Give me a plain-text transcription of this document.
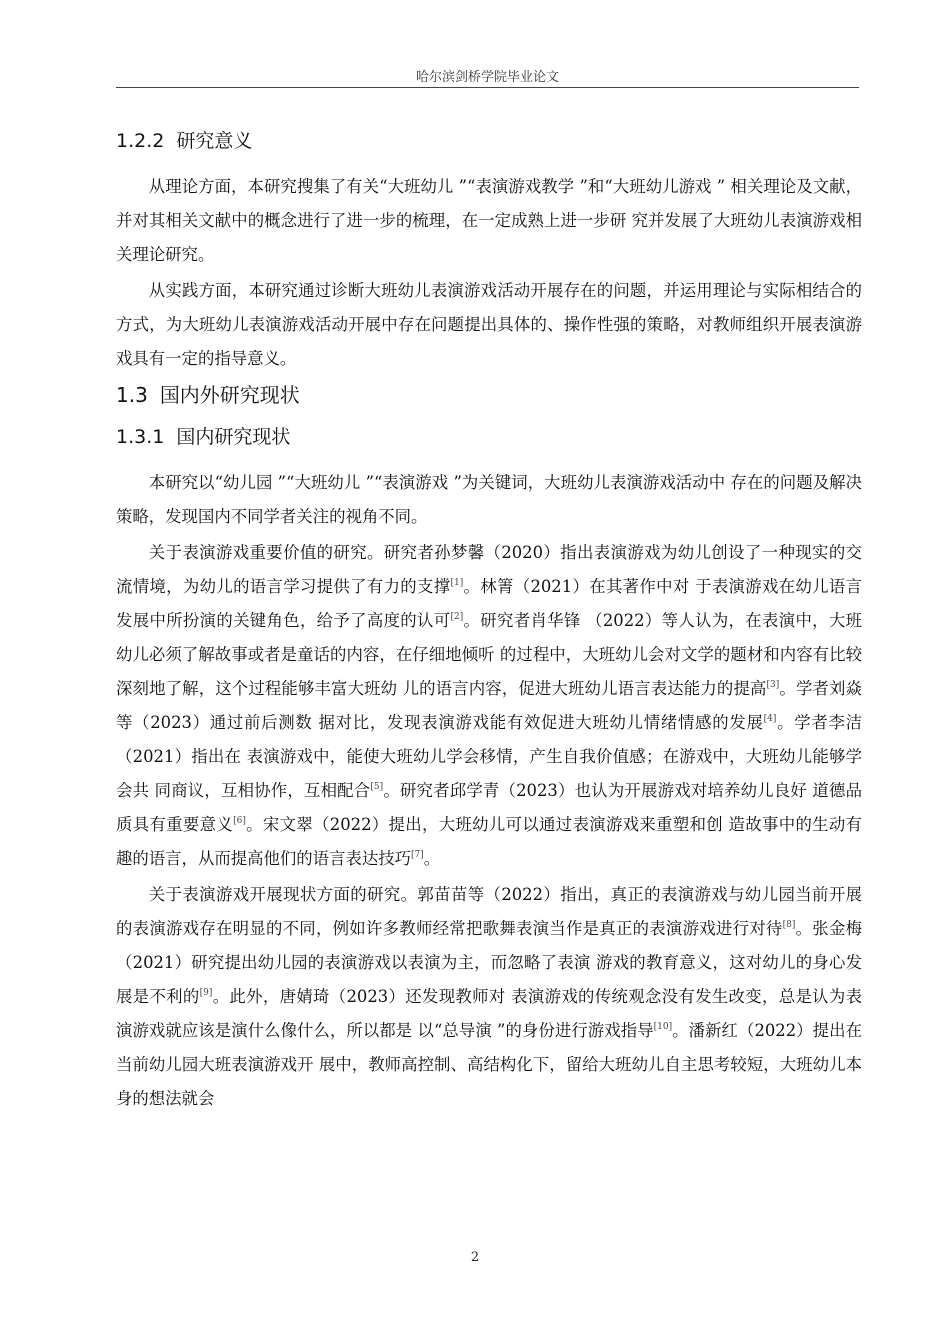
哈尔滨剑桥学院毕业论文
1.2.2 研究意义

从理论方面，本研究搜集了有关“大班幼儿 ”“表演游戏教学 ”和“大班幼儿游戏 ” 相关理论及文献，并对其相关文献中的概念进行了进一步的梳理，在一定成熟上进一步研 究并发展了大班幼儿表演游戏相关理论研究。

从实践方面，本研究通过诊断大班幼儿表演游戏活动开展存在的问题，并运用理论与实际相结合的方式，为大班幼儿表演游戏活动开展中存在问题提出具体的、操作性强的策略，对教师组织开展表演游戏具有一定的指导意义。

1.3 国内外研究现状
1.3.1 国内研究现状

本研究以“幼儿园 ”“大班幼儿 ”“表演游戏 ”为关键词，大班幼儿表演游戏活动中 存在的问题及解决策略，发现国内不同学者关注的视角不同。

关于表演游戏重要价值的研究。研究者孙梦馨（2020）指出表演游戏为幼儿创设了一种现实的交流情境，为幼儿的语言学习提供了有力的支撑[1]。林箐（2021）在其著作中对 于表演游戏在幼儿语言发展中所扮演的关键角色，给予了高度的认可[2]。研究者肖华锋 （2022）等人认为，在表演中，大班幼儿必须了解故事或者是童话的内容，在仔细地倾听 的过程中，大班幼儿会对文学的题材和内容有比较深刻地了解，这个过程能够丰富大班幼 儿的语言内容，促进大班幼儿语言表达能力的提高[3]。学者刘焱等（2023）通过前后测数 据对比，发现表演游戏能有效促进大班幼儿情绪情感的发展[4]。学者李洁（2021）指出在 表演游戏中，能使大班幼儿学会移情，产生自我价值感；在游戏中，大班幼儿能够学会共 同商议，互相协作，互相配合[5]。研究者邱学青（2023）也认为开展游戏对培养幼儿良好 道德品质具有重要意义[6]。宋文翠（2022）提出，大班幼儿可以通过表演游戏来重塑和创 造故事中的生动有趣的语言，从而提高他们的语言表达技巧[7]。

关于表演游戏开展现状方面的研究。郭苗苗等（2022）指出，真正的表演游戏与幼儿园当前开展的表演游戏存在明显的不同，例如许多教师经常把歌舞表演当作是真正的表演游戏进行对待[8]。张金梅（2021）研究提出幼儿园的表演游戏以表演为主，而忽略了表演 游戏的教育意义，这对幼儿的身心发展是不利的[9]。此外，唐婧琦（2023）还发现教师对 表演游戏的传统观念没有发生改变，总是认为表演游戏就应该是演什么像什么，所以都是 以“总导演 ”的身份进行游戏指导[10]。潘新红（2022）提出在当前幼儿园大班表演游戏开 展中，教师高控制、高结构化下，留给大班幼儿自主思考较短，大班幼儿本身的想法就会

2
